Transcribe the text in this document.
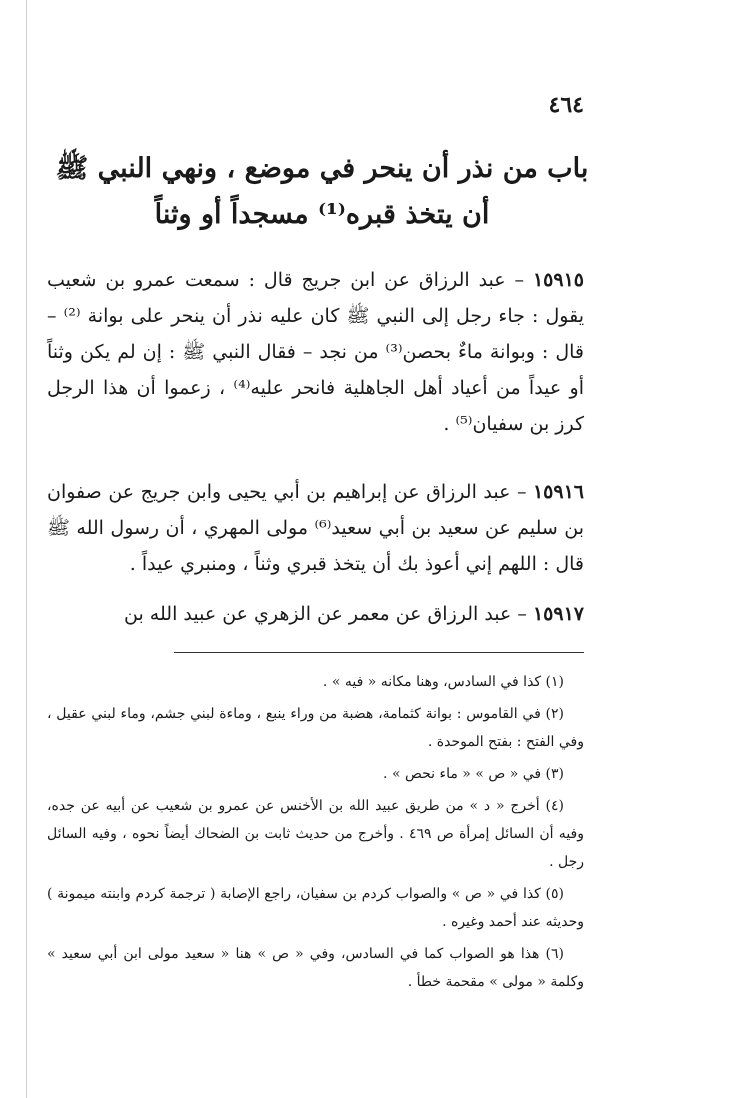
٤٦٤
باب من نذر أن ينحر في موضع ، ونهي النبي ﷺ أن يتخذ قبره⁽¹⁾ مسجداً أو وثناً

١٥٩١٥ – عبد الرزاق عن ابن جريج قال : سمعت عمرو بن شعيب يقول : جاء رجل إلى النبي ﷺ كان عليه نذر أن ينحر على بوانة ⁽²⁾ – قال : وبوانة ماءٌ بحصن⁽³⁾ من نجد – فقال النبي ﷺ : إن لم يكن وثناً أو عيداً من أعياد أهل الجاهلية فانحر عليه⁽⁴⁾ ، زعموا أن هذا الرجل كرز بن سفيان⁽⁵⁾ .

١٥٩١٦ – عبد الرزاق عن إبراهيم بن أبي يحيى وابن جريج عن صفوان بن سليم عن سعيد بن أبي سعيد⁽⁶⁾ مولى المهري ، أن رسول الله ﷺ قال : اللهم إني أعوذ بك أن يتخذ قبري وثناً ، ومنبري عيداً .

١٥٩١٧ – عبد الرزاق عن معمر عن الزهري عن عبيد الله بن

(١) كذا في السادس، وهنا مكانه « فيه » .

(٢) في القاموس : بوانة كثمامة، هضبة من وراء ينبع ، وماءة لبني جشم، وماء لبني عقيل ، وفي الفتح : بفتح الموحدة .

(٣) في « ص » « ماء نحص » .

(٤) أخرج « د » من طريق عبيد الله بن الأخنس عن عمرو بن شعيب عن أبيه عن جده، وفيه أن السائل إمرأة ص ٤٦٩ . وأخرج من حديث ثابت بن الضحاك أيضاً نحوه ، وفيه السائل رجل .

(٥) كذا في « ص » والصواب كردم بن سفيان، راجع الإصابة ( ترجمة كردم وابنته ميمونة ) وحديثه عند أحمد وغيره .

(٦) هذا هو الصواب كما في السادس، وفي « ص » هنا « سعيد مولى ابن أبي سعيد » وكلمة « مولى » مقحمة خطأ .
